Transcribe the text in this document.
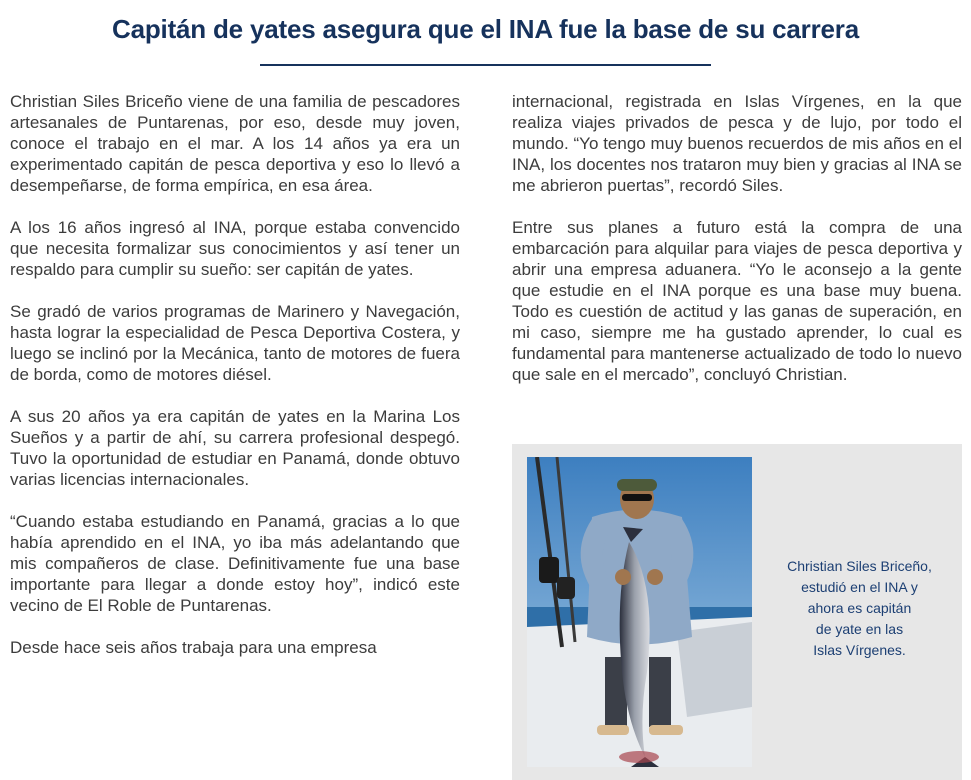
Capitán de yates asegura que el INA fue la base de su carrera

Christian Siles Briceño viene de una familia de pescadores artesanales de Puntarenas, por eso, desde muy joven, conoce el trabajo en el mar. A los 14 años ya era un experimentado capitán de pesca deportiva y eso lo llevó a desempeñarse, de forma empírica, en esa área.

A los 16 años ingresó al INA, porque estaba convencido que necesita formalizar sus conocimientos y así tener un respaldo para cumplir su sueño: ser capitán de yates.

Se gradó de varios programas de Marinero y Navegación, hasta lograr la especialidad de Pesca Deportiva Costera, y luego se inclinó por la Mecánica, tanto de motores de fuera de borda, como de motores diésel.

A sus 20 años ya era capitán de yates en la Marina Los Sueños y a partir de ahí, su carrera profesional despegó. Tuvo la oportunidad de estudiar en Panamá, donde obtuvo varias licencias internacionales.

“Cuando estaba estudiando en Panamá, gracias a lo que había aprendido en el INA, yo iba más adelantando que mis compañeros de clase. Definitivamente fue una base importante para llegar a donde estoy hoy”, indicó este vecino de El Roble de Puntarenas.

Desde hace seis años trabaja para una empresa

internacional, registrada en Islas Vírgenes, en la que realiza viajes privados de pesca y de lujo, por todo el mundo. “Yo tengo muy buenos recuerdos de mis años en el INA, los docentes nos trataron muy bien y gracias al INA se me abrieron puertas”, recordó Siles.

Entre sus planes a futuro está la compra de una embarcación para alquilar para viajes de pesca deportiva y abrir una empresa aduanera. “Yo le aconsejo a la gente que estudie en el INA porque es una base muy buena. Todo es cuestión de actitud y las ganas de superación, en mi caso, siempre me ha gustado aprender, lo cual es fundamental para mantenerse actualizado de todo lo nuevo que sale en el mercado”, concluyó Christian.

Christian Siles Briceño,
estudió en el INA y
ahora es capitán
de yate en las
Islas Vírgenes.
